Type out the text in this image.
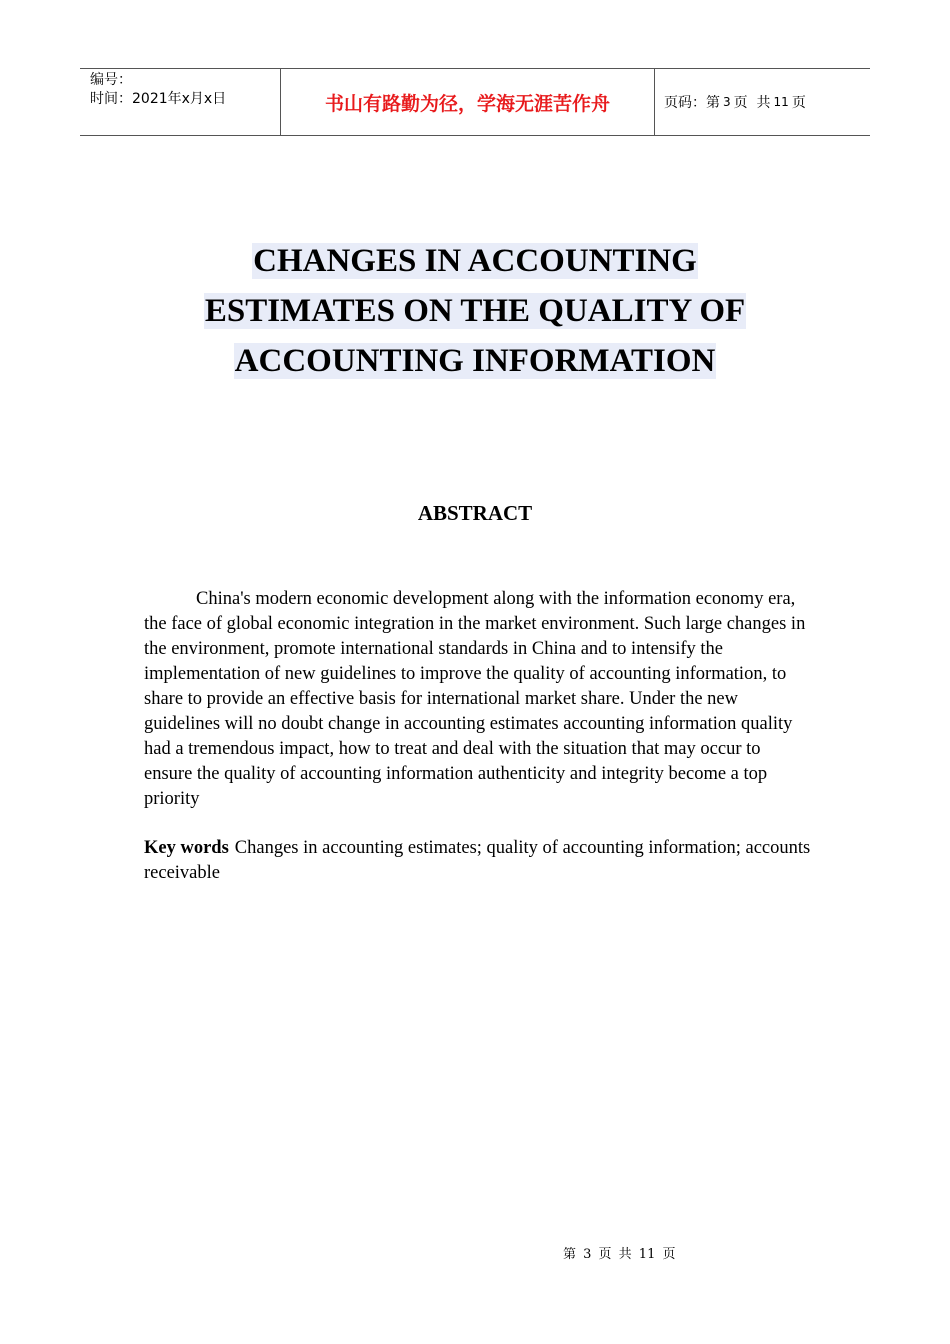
编号：
时间：2021年x月x日	书山有路勤为径，学海无涯苦作舟	页码：第 3 页  共 11 页
CHANGES IN ACCOUNTING
ESTIMATES ON THE QUALITY OF
ACCOUNTING INFORMATION
ABSTRACT

China's modern economic development along with the information economy era, the face of global economic integration in the market environment. Such large changes in the environment, promote international standards in China and to intensify the implementation of new guidelines to improve the quality of accounting information, to share to provide an effective basis for international market share. Under the new guidelines will no doubt change in accounting estimates accounting information quality had a tremendous impact, how to treat and deal with the situation that may occur to ensure the quality of accounting information authenticity and integrity become a top priority

Key words Changes in accounting estimates; quality of accounting information; accounts receivable

第 3 页 共 11 页
